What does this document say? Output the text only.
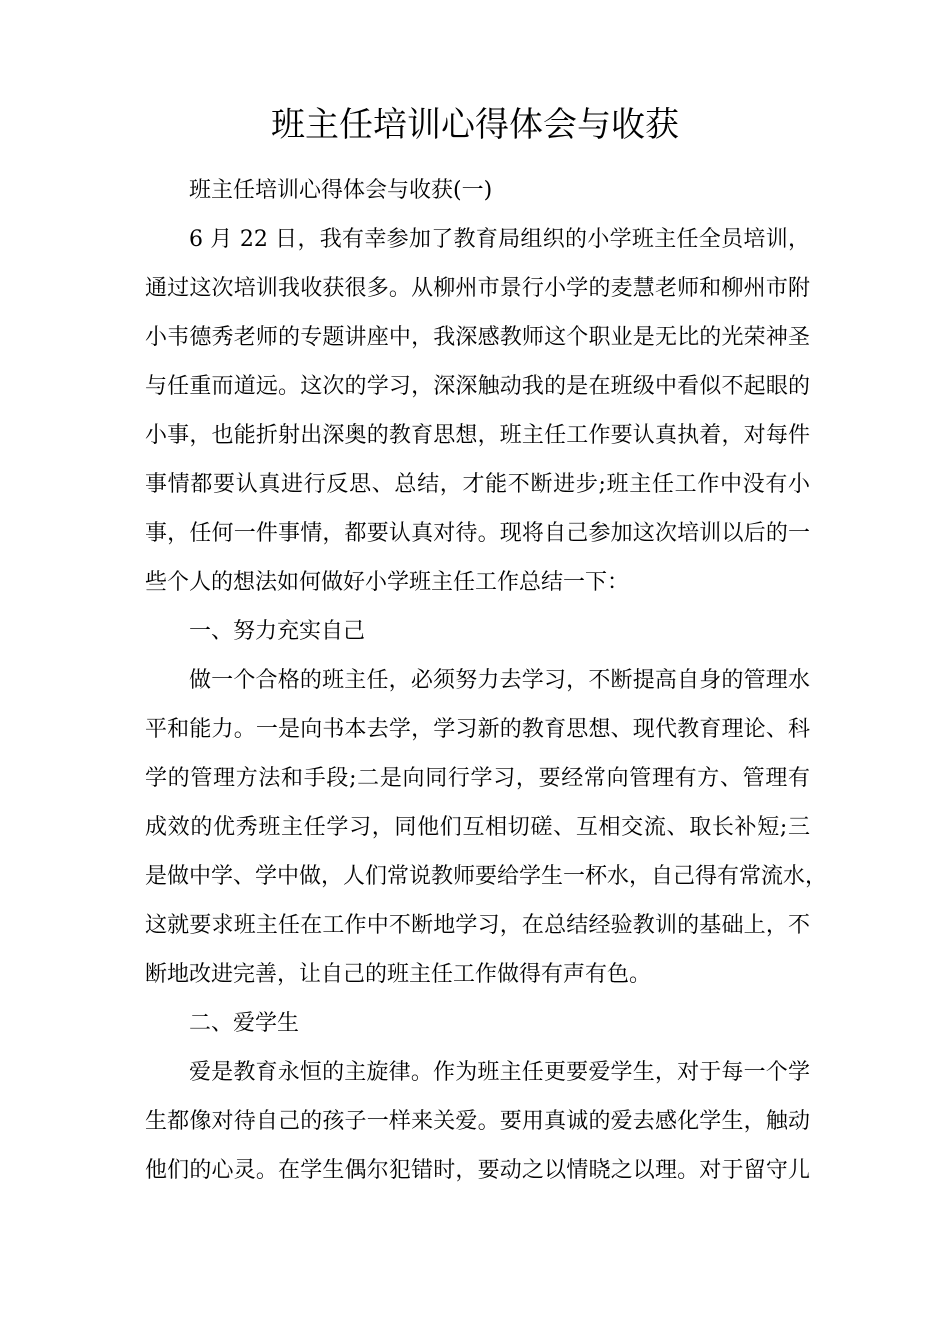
班主任培训心得体会与收获
班主任培训心得体会与收获(一)
6 月 22 日，我有幸参加了教育局组织的小学班主任全员培训，
通过这次培训我收获很多。从柳州市景行小学的麦慧老师和柳州市附
小韦德秀老师的专题讲座中，我深感教师这个职业是无比的光荣神圣
与任重而道远。这次的学习，深深触动我的是在班级中看似不起眼的
小事，也能折射出深奥的教育思想，班主任工作要认真执着，对每件
事情都要认真进行反思、总结，才能不断进步;班主任工作中没有小
事，任何一件事情，都要认真对待。现将自己参加这次培训以后的一
些个人的想法如何做好小学班主任工作总结一下：
一、努力充实自己
做一个合格的班主任，必须努力去学习，不断提高自身的管理水
平和能力。一是向书本去学，学习新的教育思想、现代教育理论、科
学的管理方法和手段;二是向同行学习，要经常向管理有方、管理有
成效的优秀班主任学习，同他们互相切磋、互相交流、取长补短;三
是做中学、学中做，人们常说教师要给学生一杯水，自己得有常流水，
这就要求班主任在工作中不断地学习，在总结经验教训的基础上，不
断地改进完善，让自己的班主任工作做得有声有色。
二、爱学生
爱是教育永恒的主旋律。作为班主任更要爱学生，对于每一个学
生都像对待自己的孩子一样来关爱。要用真诚的爱去感化学生，触动
他们的心灵。在学生偶尔犯错时，要动之以情晓之以理。对于留守儿
